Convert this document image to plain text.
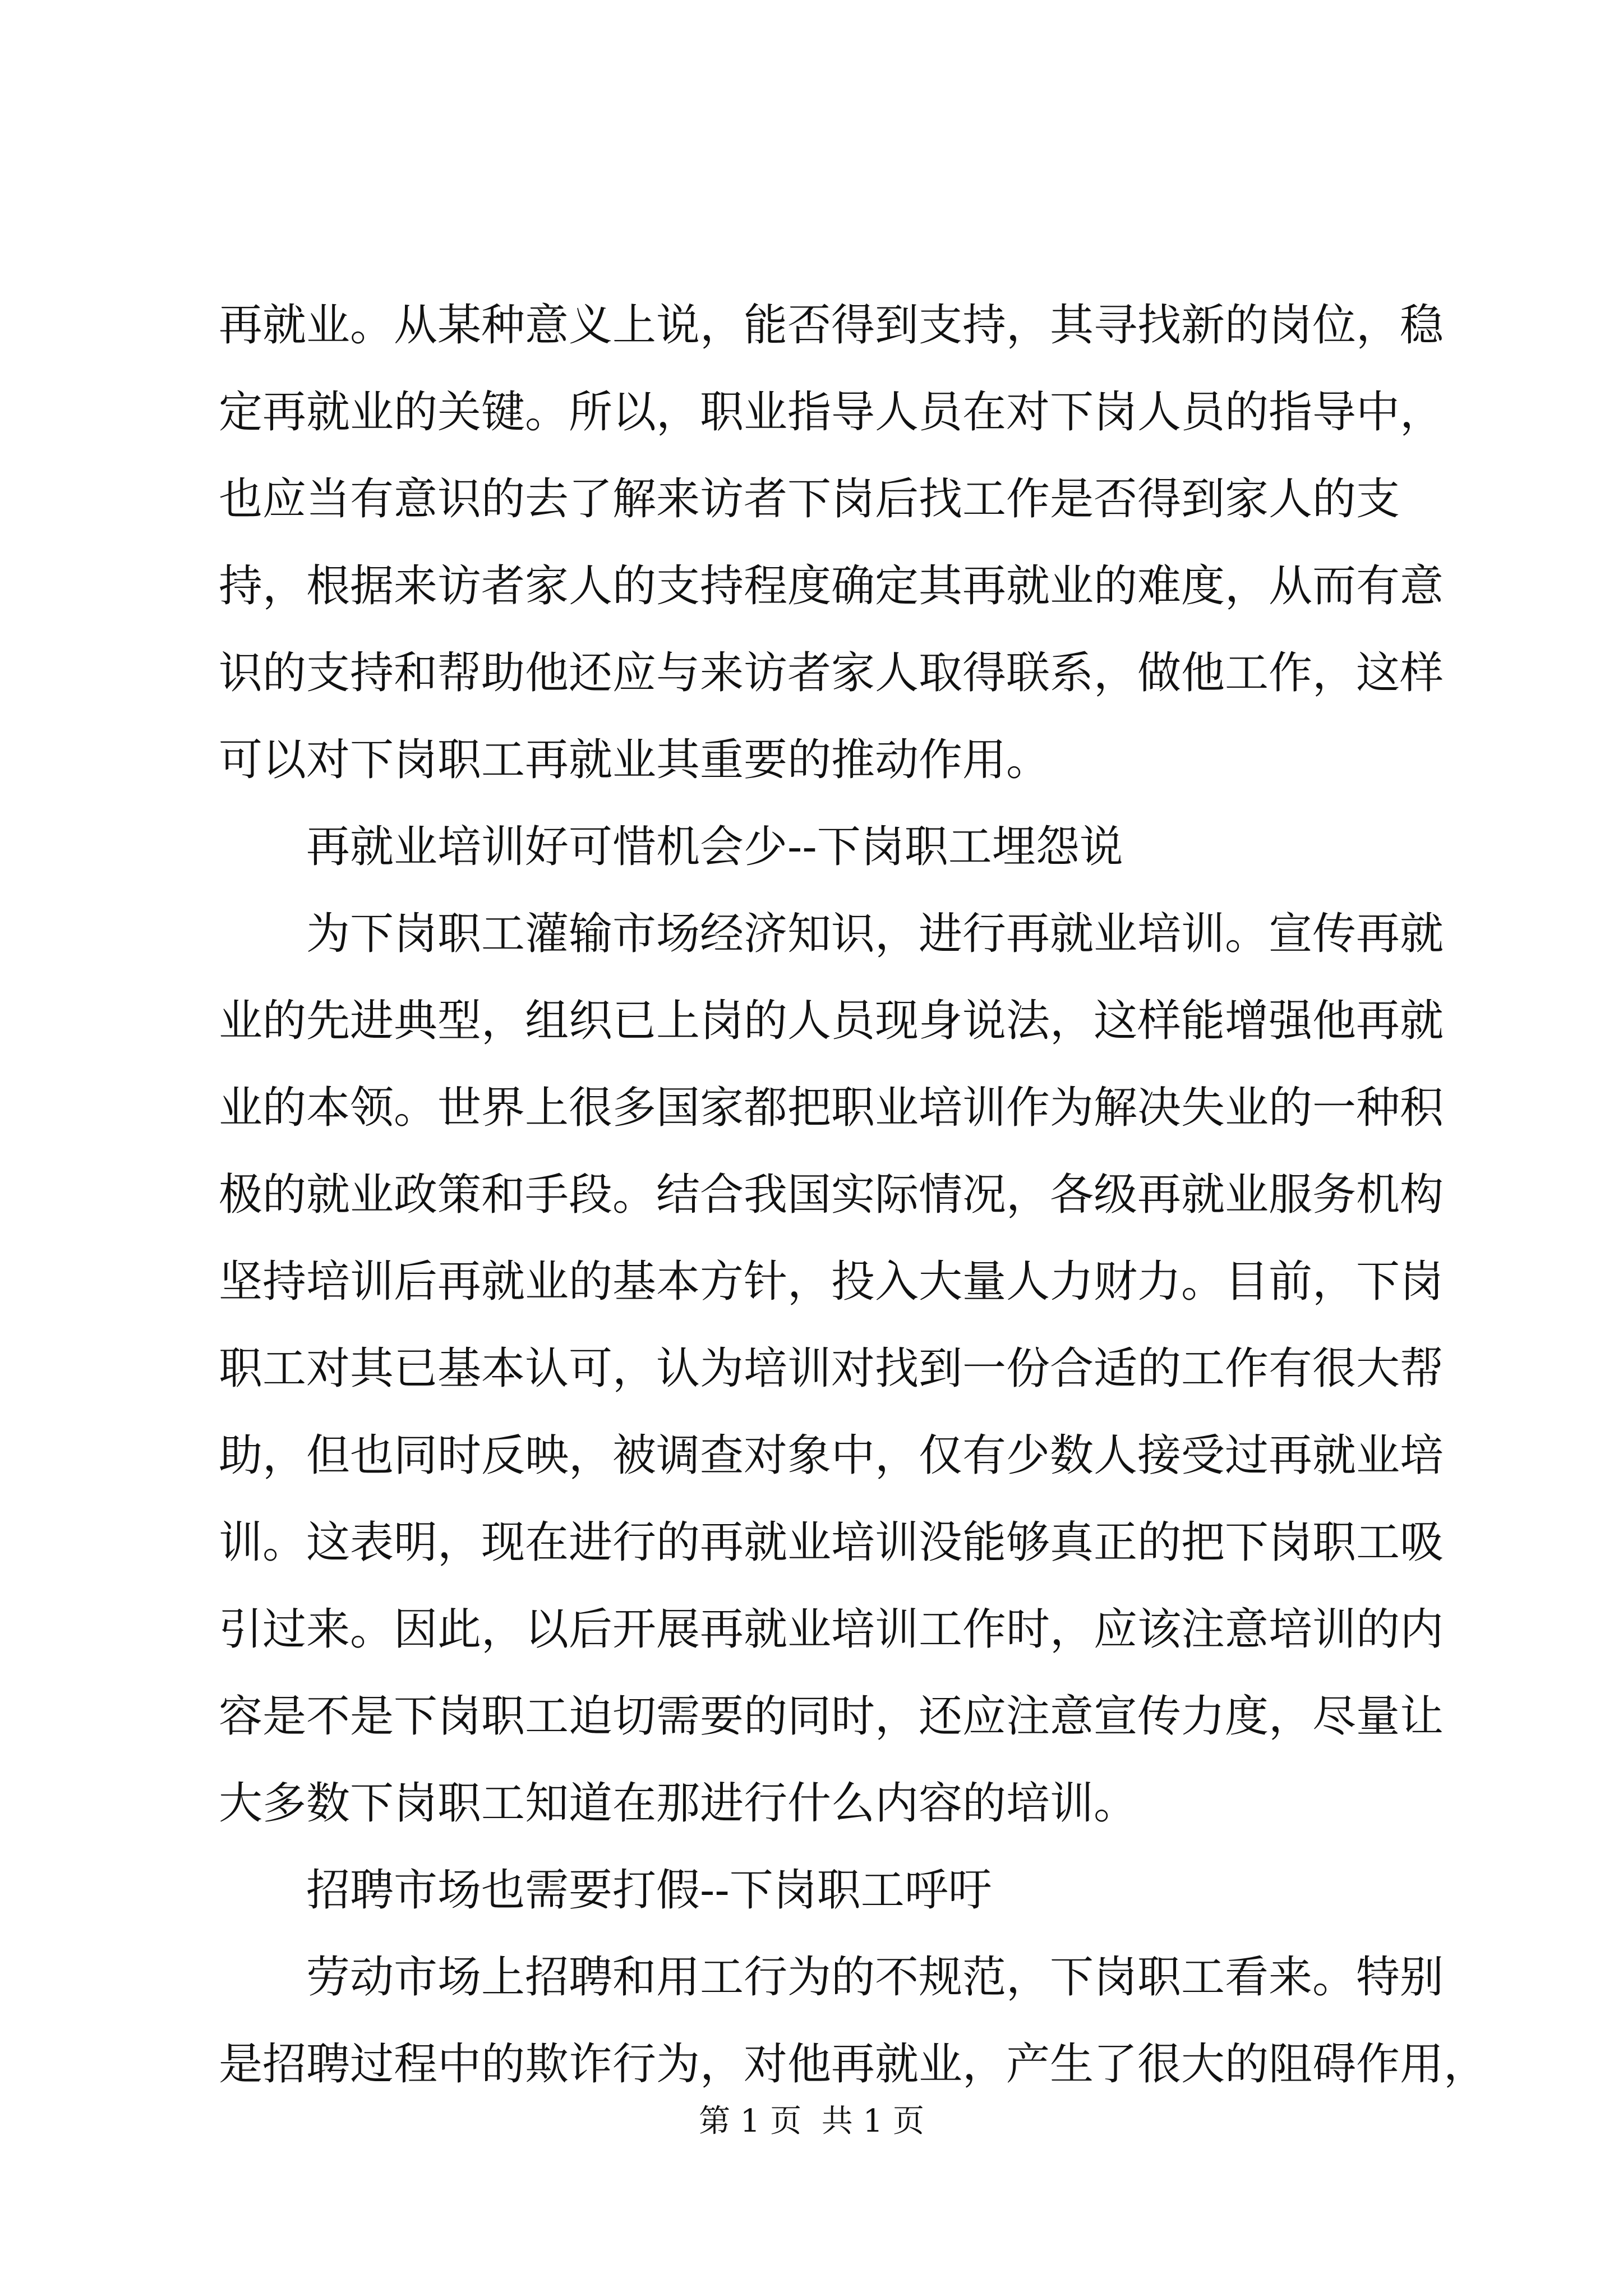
再就业。从某种意义上说，能否得到支持，其寻找新的岗位，稳
定再就业的关键。所以，职业指导人员在对下岗人员的指导中，
也应当有意识的去了解来访者下岗后找工作是否得到家人的支
持，根据来访者家人的支持程度确定其再就业的难度，从而有意
识的支持和帮助他还应与来访者家人取得联系，做他工作，这样
可以对下岗职工再就业其重要的推动作用。
　　再就业培训好可惜机会少--下岗职工埋怨说
　　为下岗职工灌输市场经济知识，进行再就业培训。宣传再就
业的先进典型，组织已上岗的人员现身说法，这样能增强他再就
业的本领。世界上很多国家都把职业培训作为解决失业的一种积
极的就业政策和手段。结合我国实际情况，各级再就业服务机构
坚持培训后再就业的基本方针，投入大量人力财力。目前，下岗
职工对其已基本认可，认为培训对找到一份合适的工作有很大帮
助，但也同时反映，被调查对象中，仅有少数人接受过再就业培
训。这表明，现在进行的再就业培训没能够真正的把下岗职工吸
引过来。因此，以后开展再就业培训工作时，应该注意培训的内
容是不是下岗职工迫切需要的同时，还应注意宣传力度，尽量让
大多数下岗职工知道在那进行什么内容的培训。
　　招聘市场也需要打假--下岗职工呼吁
　　劳动市场上招聘和用工行为的不规范，下岗职工看来。特别
是招聘过程中的欺诈行为，对他再就业，产生了很大的阻碍作用，
第 1 页  共 1 页
